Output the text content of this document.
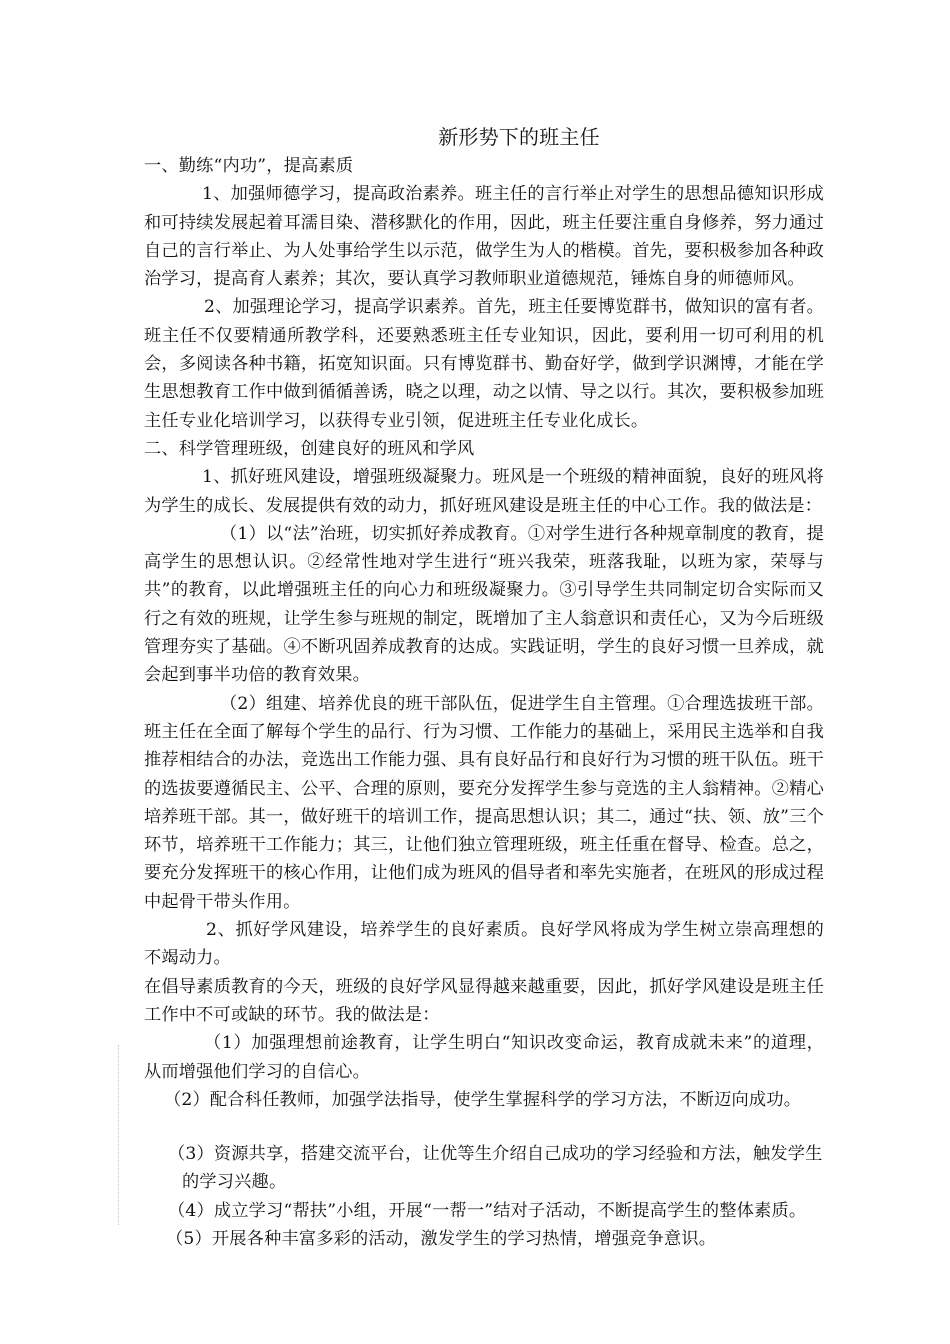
新形势下的班主任

一、勤练“内功”，提高素质

1、加强师德学习，提高政治素养。班主任的言行举止对学生的思想品德知识形成和可持续发展起着耳濡目染、潜移默化的作用，因此，班主任要注重自身修养，努力通过自己的言行举止、为人处事给学生以示范，做学生为人的楷模。首先，要积极参加各种政治学习，提高育人素养；其次，要认真学习教师职业道德规范，锤炼自身的师德师风。

2、加强理论学习，提高学识素养。首先，班主任要博览群书，做知识的富有者。班主任不仅要精通所教学科，还要熟悉班主任专业知识，因此，要利用一切可利用的机会，多阅读各种书籍，拓宽知识面。只有博览群书、勤奋好学，做到学识渊博，才能在学生思想教育工作中做到循循善诱，晓之以理，动之以情、导之以行。其次，要积极参加班主任专业化培训学习，以获得专业引领，促进班主任专业化成长。

二、科学管理班级，创建良好的班风和学风

1、抓好班风建设，增强班级凝聚力。班风是一个班级的精神面貌，良好的班风将为学生的成长、发展提供有效的动力，抓好班风建设是班主任的中心工作。我的做法是：

（1）以“法”治班，切实抓好养成教育。①对学生进行各种规章制度的教育，提高学生的思想认识。②经常性地对学生进行“班兴我荣，班落我耻，以班为家，荣辱与共”的教育，以此增强班主任的向心力和班级凝聚力。③引导学生共同制定切合实际而又行之有效的班规，让学生参与班规的制定，既增加了主人翁意识和责任心，又为今后班级管理夯实了基础。④不断巩固养成教育的达成。实践证明，学生的良好习惯一旦养成，就会起到事半功倍的教育效果。

（2）组建、培养优良的班干部队伍，促进学生自主管理。①合理选拔班干部。班主任在全面了解每个学生的品行、行为习惯、工作能力的基础上，采用民主选举和自我推荐相结合的办法，竞选出工作能力强、具有良好品行和良好行为习惯的班干队伍。班干的选拔要遵循民主、公平、合理的原则，要充分发挥学生参与竞选的主人翁精神。②精心培养班干部。其一，做好班干的培训工作，提高思想认识；其二，通过“扶、领、放”三个环节，培养班干工作能力；其三，让他们独立管理班级，班主任重在督导、检查。总之，要充分发挥班干的核心作用，让他们成为班风的倡导者和率先实施者，在班风的形成过程中起骨干带头作用。

2、抓好学风建设，培养学生的良好素质。良好学风将成为学生树立崇高理想的不竭动力。

在倡导素质教育的今天，班级的良好学风显得越来越重要，因此，抓好学风建设是班主任工作中不可或缺的环节。我的做法是：

（1）加强理想前途教育，让学生明白“知识改变命运，教育成就未来”的道理，从而增强他们学习的自信心。

（2）配合科任教师，加强学法指导，使学生掌握科学的学习方法，不断迈向成功。

（3）资源共享，搭建交流平台，让优等生介绍自己成功的学习经验和方法，触发学生的学习兴趣。

（4）成立学习“帮扶”小组，开展“一帮一”结对子活动，不断提高学生的整体素质。

（5）开展各种丰富多彩的活动，激发学生的学习热情，增强竞争意识。
